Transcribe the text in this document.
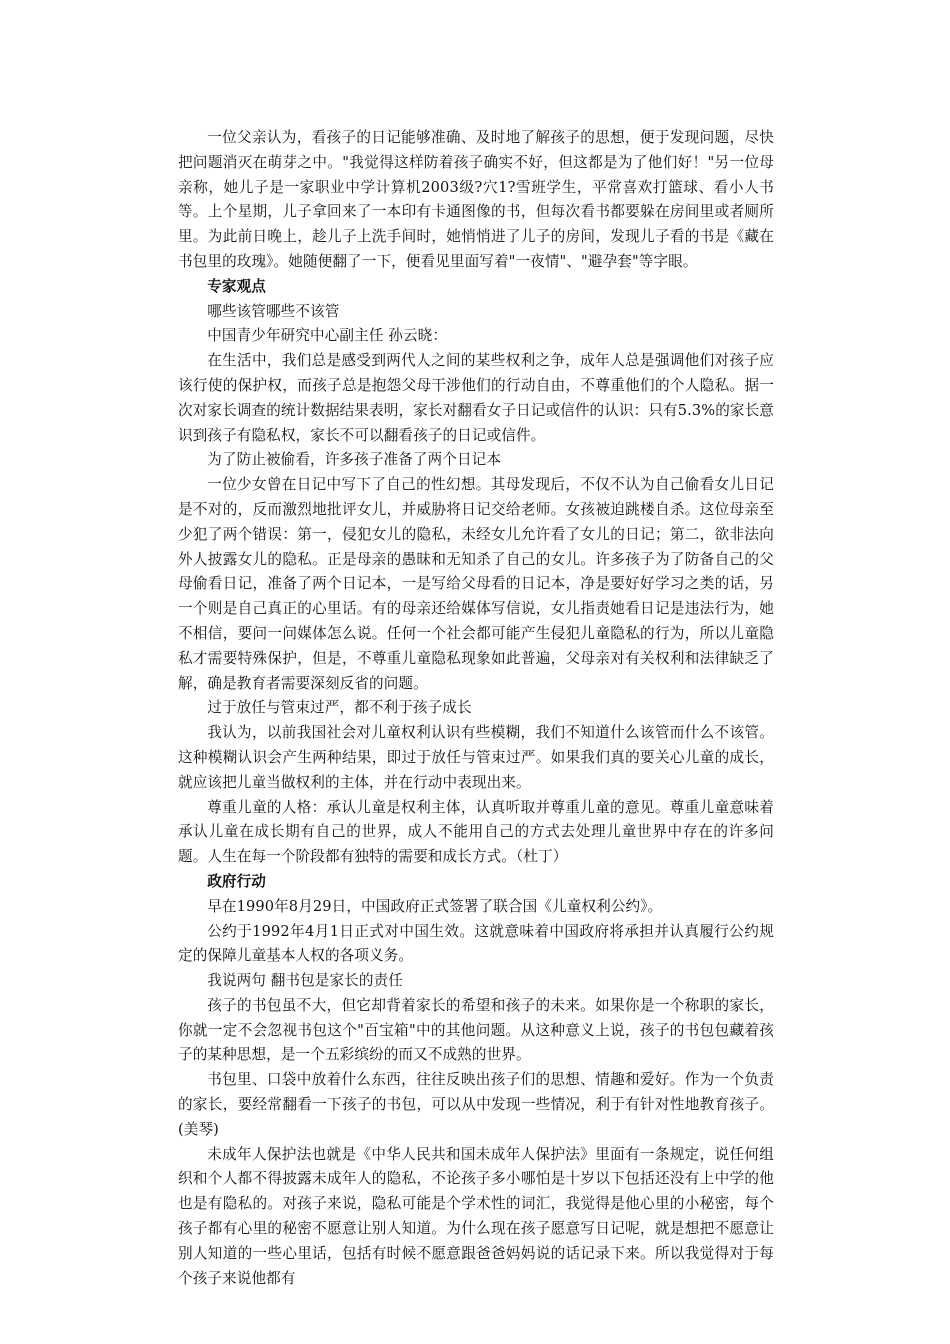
一位父亲认为，看孩子的日记能够准确、及时地了解孩子的思想，便于发现问题，尽快把问题消灭在萌芽之中。"我觉得这样防着孩子确实不好，但这都是为了他们好！"另一位母亲称，她儿子是一家职业中学计算机2003级?穴1?雪班学生，平常喜欢打篮球、看小人书等。上个星期，儿子拿回来了一本印有卡通图像的书，但每次看书都要躲在房间里或者厕所里。为此前日晚上，趁儿子上洗手间时，她悄悄进了儿子的房间，发现儿子看的书是《藏在书包里的玫瑰》。她随便翻了一下，便看见里面写着"一夜情"、"避孕套"等字眼。

专家观点

哪些该管哪些不该管

中国青少年研究中心副主任 孙云晓：

在生活中，我们总是感受到两代人之间的某些权利之争，成年人总是强调他们对孩子应该行使的保护权，而孩子总是抱怨父母干涉他们的行动自由，不尊重他们的个人隐私。据一次对家长调查的统计数据结果表明，家长对翻看女子日记或信件的认识：只有5.3%的家长意识到孩子有隐私权，家长不可以翻看孩子的日记或信件。

为了防止被偷看，许多孩子准备了两个日记本

一位少女曾在日记中写下了自己的性幻想。其母发现后，不仅不认为自己偷看女儿日记是不对的，反而激烈地批评女儿，并威胁将日记交给老师。女孩被迫跳楼自杀。这位母亲至少犯了两个错误：第一，侵犯女儿的隐私，未经女儿允许看了女儿的日记；第二，欲非法向外人披露女儿的隐私。正是母亲的愚昧和无知杀了自己的女儿。许多孩子为了防备自己的父母偷看日记，准备了两个日记本，一是写给父母看的日记本，净是要好好学习之类的话，另一个则是自己真正的心里话。有的母亲还给媒体写信说，女儿指责她看日记是违法行为，她不相信，要问一问媒体怎么说。任何一个社会都可能产生侵犯儿童隐私的行为，所以儿童隐私才需要特殊保护，但是，不尊重儿童隐私现象如此普遍，父母亲对有关权利和法律缺乏了解，确是教育者需要深刻反省的问题。

过于放任与管束过严，都不利于孩子成长

我认为，以前我国社会对儿童权利认识有些模糊，我们不知道什么该管而什么不该管。这种模糊认识会产生两种结果，即过于放任与管束过严。如果我们真的要关心儿童的成长，就应该把儿童当做权利的主体，并在行动中表现出来。

尊重儿童的人格：承认儿童是权利主体，认真听取并尊重儿童的意见。尊重儿童意味着承认儿童在成长期有自己的世界，成人不能用自己的方式去处理儿童世界中存在的许多问题。人生在每一个阶段都有独特的需要和成长方式。（杜丁）

政府行动

早在1990年8月29日，中国政府正式签署了联合国《儿童权利公约》。

公约于1992年4月1日正式对中国生效。这就意味着中国政府将承担并认真履行公约规定的保障儿童基本人权的各项义务。

我说两句 翻书包是家长的责任

孩子的书包虽不大，但它却背着家长的希望和孩子的未来。如果你是一个称职的家长，你就一定不会忽视书包这个"百宝箱"中的其他问题。从这种意义上说，孩子的书包包藏着孩子的某种思想，是一个五彩缤纷的而又不成熟的世界。

书包里、口袋中放着什么东西，往往反映出孩子们的思想、情趣和爱好。作为一个负责的家长，要经常翻看一下孩子的书包，可以从中发现一些情况，利于有针对性地教育孩子。(美琴)

未成年人保护法也就是《中华人民共和国未成年人保护法》里面有一条规定，说任何组织和个人都不得披露未成年人的隐私，不论孩子多小哪怕是十岁以下包括还没有上中学的他也是有隐私的。对孩子来说，隐私可能是个学术性的词汇，我觉得是他心里的小秘密，每个孩子都有心里的秘密不愿意让别人知道。为什么现在孩子愿意写日记呢，就是想把不愿意让别人知道的一些心里话，包括有时候不愿意跟爸爸妈妈说的话记录下来。所以我觉得对于每个孩子来说他都有
